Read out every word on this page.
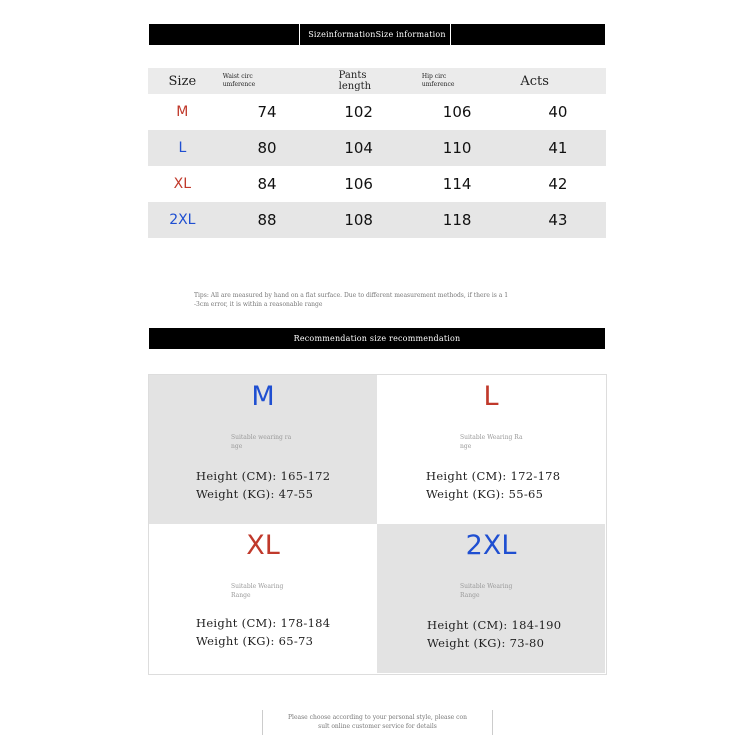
SizeinformationSize information
Size	Waist circ umference	Pants length	Hip circ umference	Acts
M	74	102	106	40
L	80	104	110	41
XL	84	106	114	42
2XL	88	108	118	43
Tips: All are measured by hand on a flat surface. Due to different measurement methods, if there is a 1
-3cm error, it is within a reasonable range
Recommendation size recommendation
M
Suitable wearing ra
nge
Height (CM): 165-172
Weight (KG): 47-55
L
Suitable Wearing Ra
nge
Height (CM): 172-178
Weight (KG): 55-65
XL
Suitable Wearing
Range
Height (CM): 178-184
Weight (KG): 65-73
2XL
Suitable Wearing
Range
Height (CM): 184-190
Weight (KG): 73-80
Please choose according to your personal style, please con
sult online customer service for details
